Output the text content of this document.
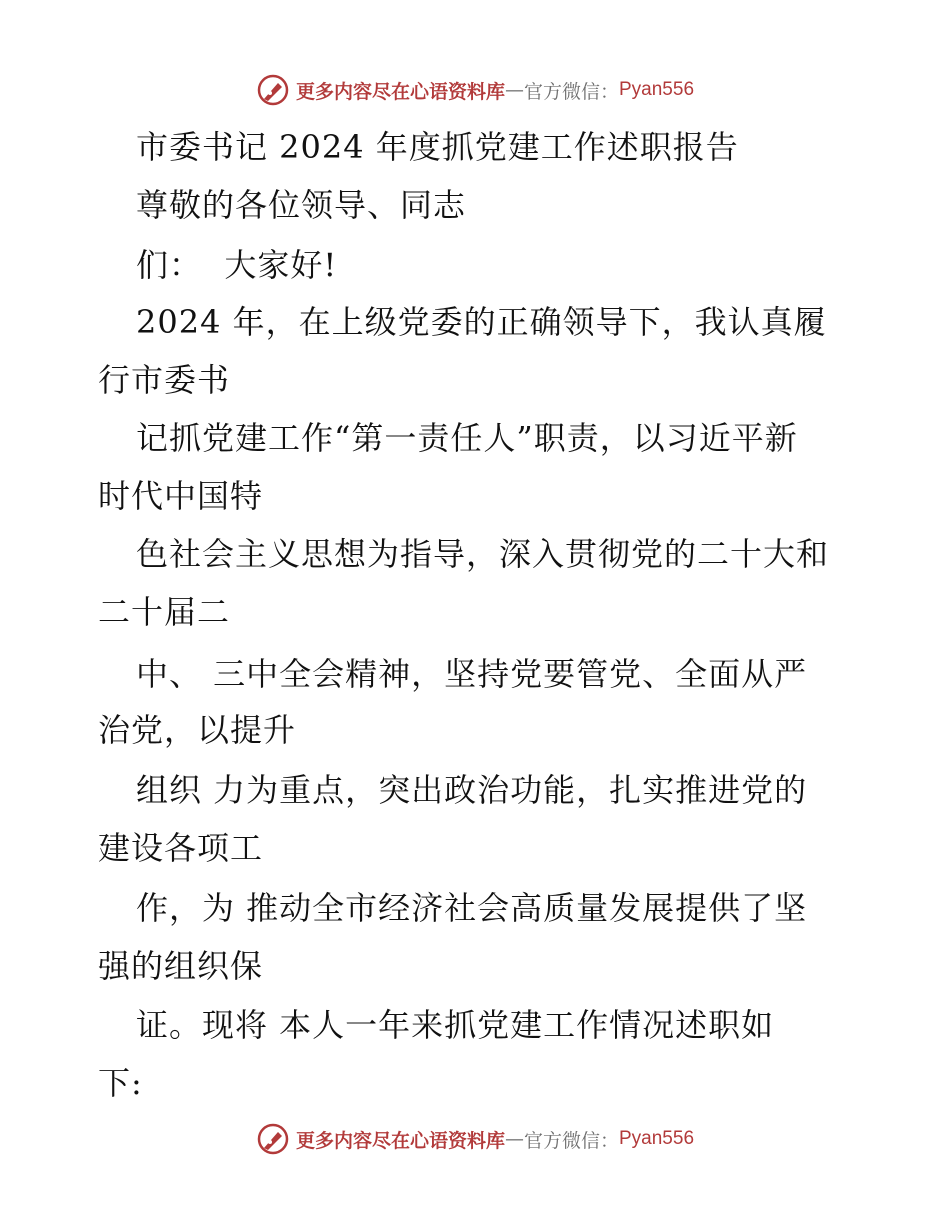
更多内容尽在心语资料库 — 官方微信： Pyan556
市委书记 2024 年度抓党建工作述职报告
尊敬的各位领导、同志
们：  大家好!
2024 年，在上级党委的正确领导下，我认真履
行市委书
记抓党建工作“第一责任人”职责，以习近平新
时代中国特
色社会主义思想为指导，深入贯彻党的二十大和
二十届二
中、 三中全会精神，坚持党要管党、全面从严
治党，以提升
组织 力为重点，突出政治功能，扎实推进党的
建设各项工
作，为 推动全市经济社会高质量发展提供了坚
强的组织保
证。现将 本人一年来抓党建工作情况述职如
下:
更多内容尽在心语资料库 — 官方微信： Pyan556
